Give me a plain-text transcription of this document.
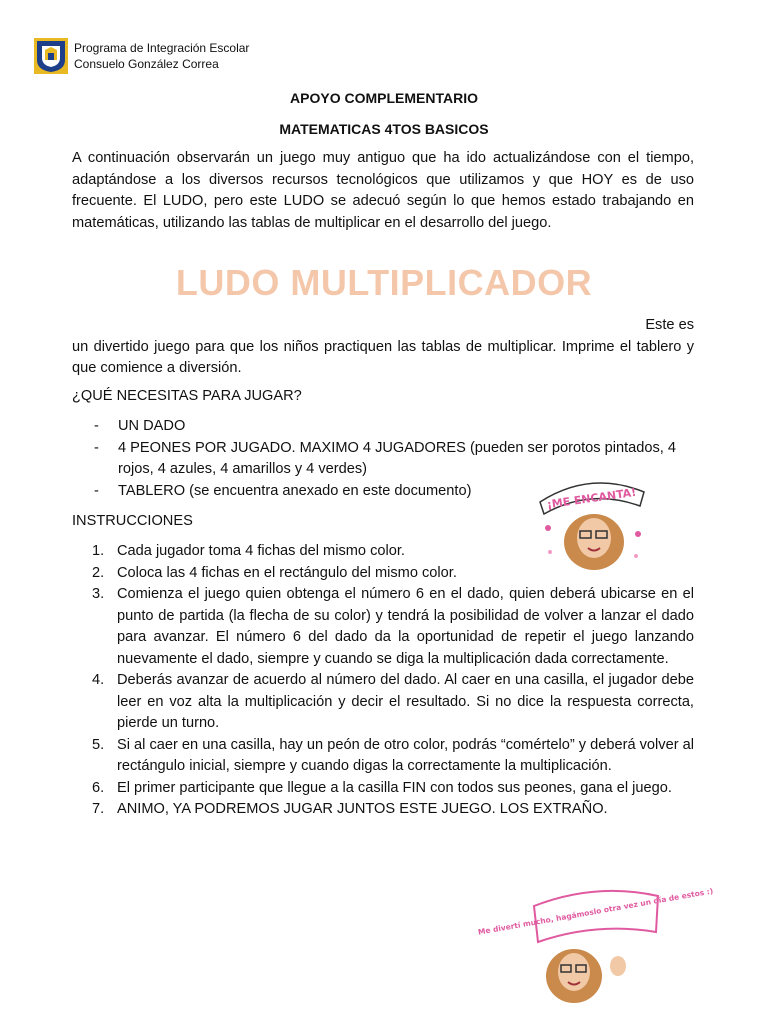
Programa de Integración Escolar
Consuelo González Correa
APOYO COMPLEMENTARIO
MATEMATICAS 4TOS BASICOS
A continuación observarán un juego muy antiguo que ha ido actualizándose con el tiempo, adaptándose a los diversos recursos tecnológicos que utilizamos y que HOY es de uso frecuente. El LUDO, pero este LUDO se adecuó según lo que hemos estado trabajando en matemáticas, utilizando las tablas de multiplicar en el desarrollo del juego.
LUDO MULTIPLICADOR
Este es
un divertido juego para que los niños practiquen las tablas de multiplicar. Imprime el tablero y que comience a diversión.
¿QUÉ NECESITAS PARA JUGAR?
- UN DADO
- 4 PEONES POR JUGADO. MAXIMO 4 JUGADORES (pueden ser porotos pintados, 4 rojos, 4 azules, 4 amarillos y 4 verdes)
- TABLERO (se encuentra anexado en este documento)
INSTRUCCIONES
1. Cada jugador toma 4 fichas del mismo color.
2. Coloca las 4 fichas en el rectángulo del mismo color.
3. Comienza el juego quien obtenga el número 6 en el dado, quien deberá ubicarse en el punto de partida (la flecha de su color) y tendrá la posibilidad de volver a lanzar el dado para avanzar. El número 6 del dado da la oportunidad de repetir el juego lanzando nuevamente el dado, siempre y cuando se diga la multiplicación dada correctamente.
4. Deberás avanzar de acuerdo al número del dado. Al caer en una casilla, el jugador debe leer en voz alta la multiplicación y decir el resultado. Si no dice la respuesta correcta, pierde un turno.
5. Si al caer en una casilla, hay un peón de otro color, podrás “comértelo” y deberá volver al rectángulo inicial, siempre y cuando digas la correctamente la multiplicación.
6. El primer participante que llegue a la casilla FIN con todos sus peones, gana el juego.
7. ANIMO, YA PODREMOS JUGAR JUNTOS ESTE JUEGO. LOS EXTRAÑO.
¡ME ENCANTA!
Me divertí mucho, hagámoslo otra vez un día de estos :)
